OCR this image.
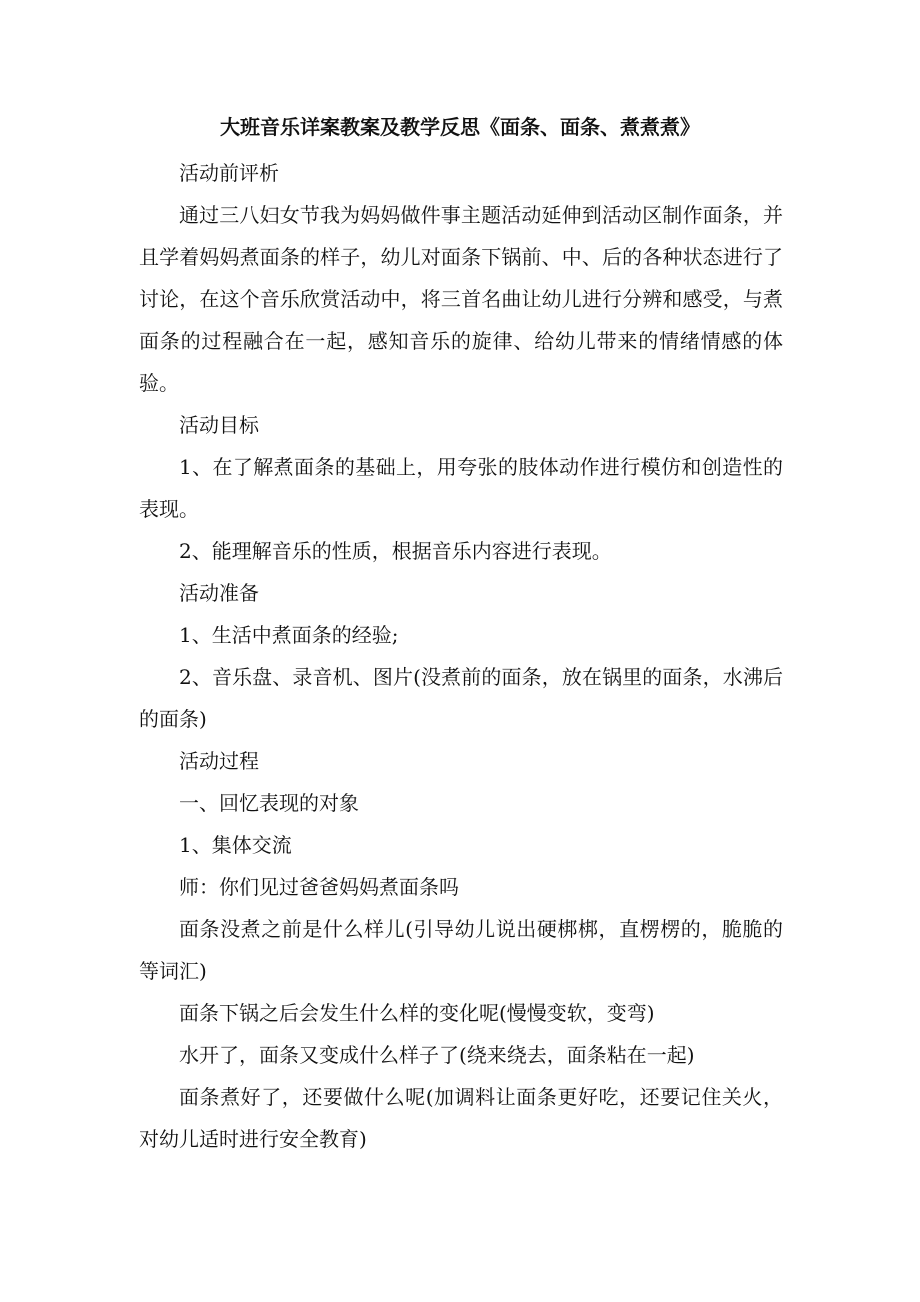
大班音乐详案教案及教学反思《面条、面条、煮煮煮》

活动前评析

通过三八妇女节我为妈妈做件事主题活动延伸到活动区制作面条，并且学着妈妈煮面条的样子，幼儿对面条下锅前、中、后的各种状态进行了讨论，在这个音乐欣赏活动中，将三首名曲让幼儿进行分辨和感受，与煮面条的过程融合在一起，感知音乐的旋律、给幼儿带来的情绪情感的体验。

活动目标

1、在了解煮面条的基础上，用夸张的肢体动作进行模仿和创造性的表现。

2、能理解音乐的性质，根据音乐内容进行表现。

活动准备

1、生活中煮面条的经验;

2、音乐盘、录音机、图片(没煮前的面条，放在锅里的面条，水沸后的面条)

活动过程

一、回忆表现的对象

1、集体交流

师：你们见过爸爸妈妈煮面条吗

面条没煮之前是什么样儿(引导幼儿说出硬梆梆，直楞楞的，脆脆的等词汇)

面条下锅之后会发生什么样的变化呢(慢慢变软，变弯)

水开了，面条又变成什么样子了(绕来绕去，面条粘在一起)

面条煮好了，还要做什么呢(加调料让面条更好吃，还要记住关火，对幼儿适时进行安全教育)
